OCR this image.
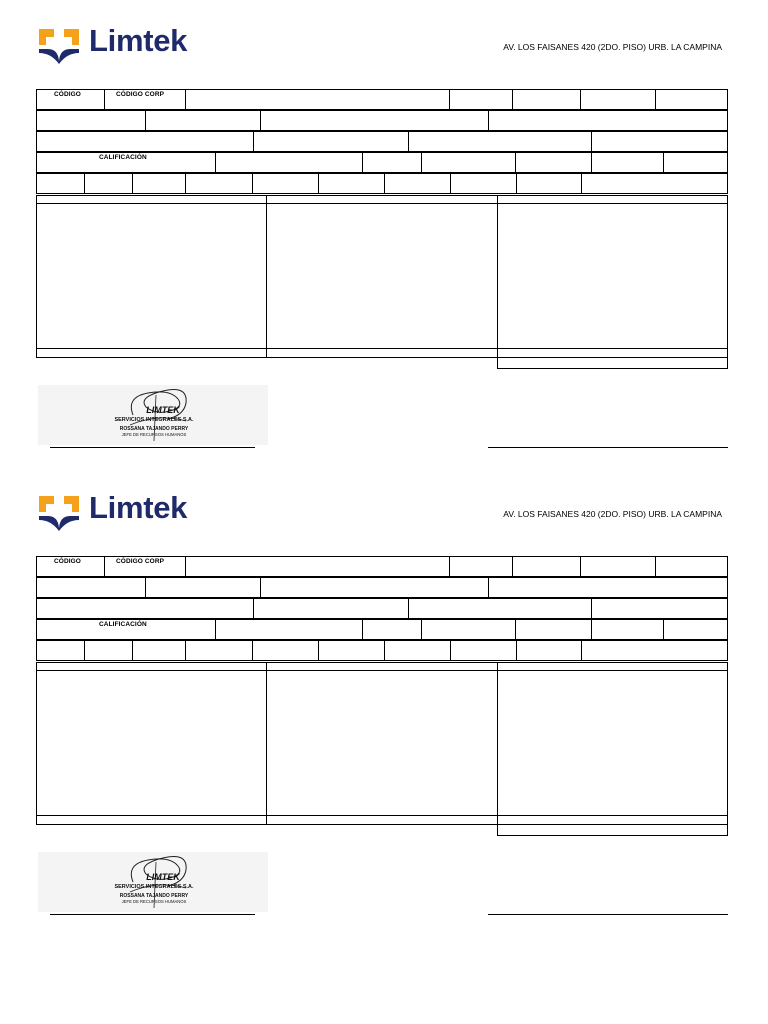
Limtek	AV. LOS FAISANES 420 (2DO. PISO) URB. LA CAMPINA
CÓDIGO	CÓDIGO CORP
CALIFICACIÓN
LIMTEK
SERVICIOS INTEGRALES S.A.
ROSSANA TAJANDO PERRY
JEFE DE RECURSOS HUMANOS
Limtek	AV. LOS FAISANES 420 (2DO. PISO) URB. LA CAMPINA
CÓDIGO	CÓDIGO CORP
CALIFICACIÓN
LIMTEK
SERVICIOS INTEGRALES S.A.
ROSSANA TAJANDO PERRY
JEFE DE RECURSOS HUMANOS
